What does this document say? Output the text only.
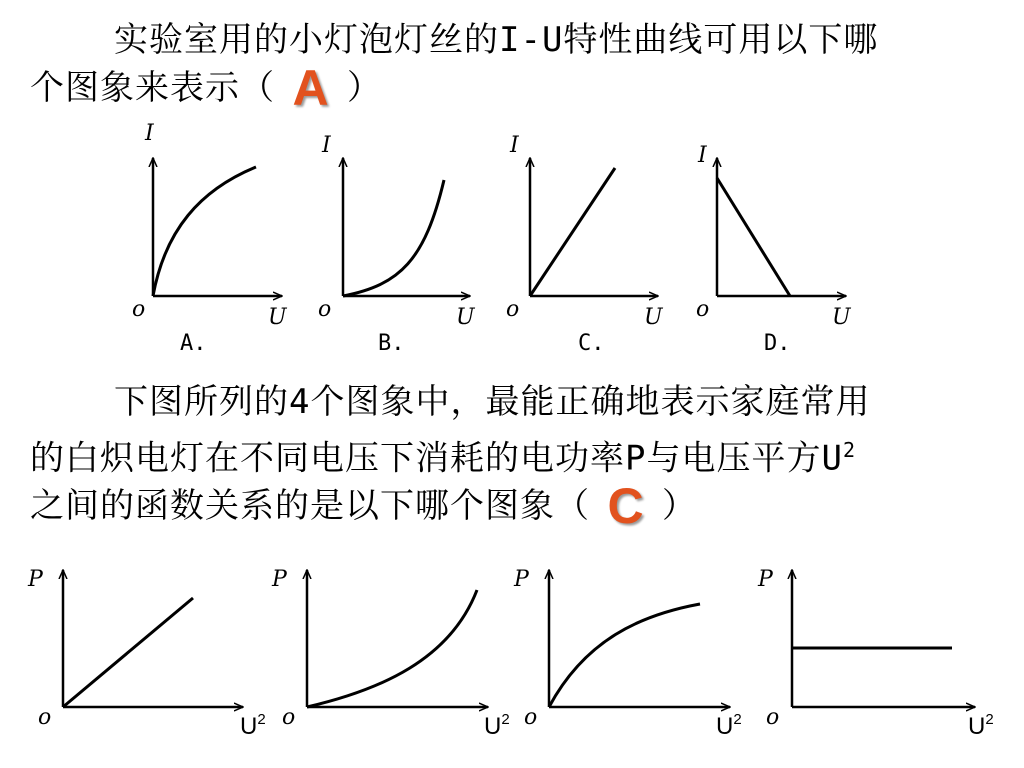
实验室用的小灯泡灯丝的I-U特性曲线可用以下哪
个图象来表示（ A ）
下图所列的4个图象中，最能正确地表示家庭常用
的白炽电灯在不同电压下消耗的电功率P与电压平方$U^2$
之间的函数关系的是以下哪个图象（ C ）
I
U
o
A.
I
U
o
B.
I
U
o
C.
I
U
o
D.
P
$U^2$
o
P
$U^2$
o
P
$U^2$
o
P
$U^2$
o
